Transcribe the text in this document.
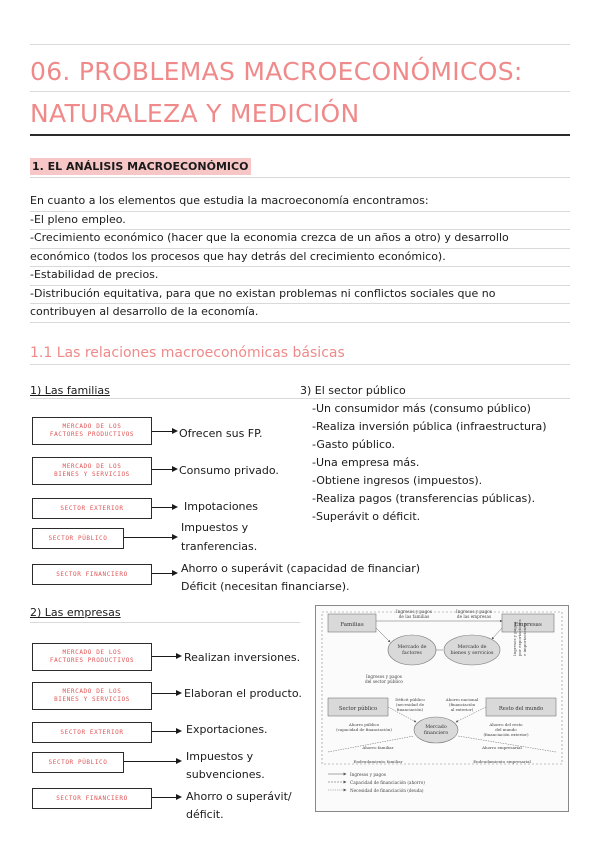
06. PROBLEMAS MACROECONÓMICOS:
NATURALEZA Y MEDICIÓN
1. EL ANÁLISIS MACROECONÓMICO
En cuanto a los elementos que estudia la macroeconomía encontramos:
-El pleno empleo.
-Crecimiento económico (hacer que la economia crezca de un años a otro) y desarrollo
económico (todos los procesos que hay detrás del crecimiento económico).
-Estabilidad de precios.
-Distribución equitativa, para que no existan problemas ni conflictos sociales que no
contribuyen al desarrollo de la economía.
1.1 Las relaciones macroeconómicas básicas
1) Las familias
MERCADO DE LOS
FACTORES PRODUCTIVOS	Ofrecen sus FP.
MERCADO DE LOS
BIENES Y SERVICIOS	Consumo privado.
SECTOR EXTERIOR	Impotaciones
SECTOR PÚBLICO
Impuestos y
tranferencias.
SECTOR FINANCIERO	Ahorro o superávit (capacidad de financiar)
Déficit (necesitan financiarse).
3) El sector público
-Un consumidor más (consumo público)
-Realiza inversión pública (infraestructura)
-Gasto público.
-Una empresa más.
-Obtiene ingresos (impuestos).
-Realiza pagos (transferencias públicas).
-Superávit o déficit.
2) Las empresas
MERCADO DE LOS
FACTORES PRODUCTIVOS	Realizan inversiones.
MERCADO DE LOS
BIENES Y SERVICIOS	Elaboran el producto.
SECTOR EXTERIOR	Exportaciones.
SECTOR PÚBLICO	Impuestos y
subvenciones.
SECTOR FINANCIERO	Ahorro o superávit/
déficit.
Familias	Empresas
Ingresos y pagos
de las familias
Ingresos y pagos
de las empresas
Mercado de
factores
Mercado de
bienes y servicios
Ingresos y pagos
del sector público
Ingresos y pagos por exportaciones e importaciones
Sector público	Resto del mundo
Déficit público
(necesidad de
financiación)
Ahorro nacional
(financiación
al exterior)
Mercado
financiero
Ahorro público
(capacidad de financiación)
Ahorro del resto
del mundo
(financiación exterior)
Ahorro familiar	Ahorro empresarial
Endeudamiento familiar	Endeudamiento empresarial
Ingresos y pagos
Capacidad de financiación (ahorro)
Necesidad de financiación (deuda)
